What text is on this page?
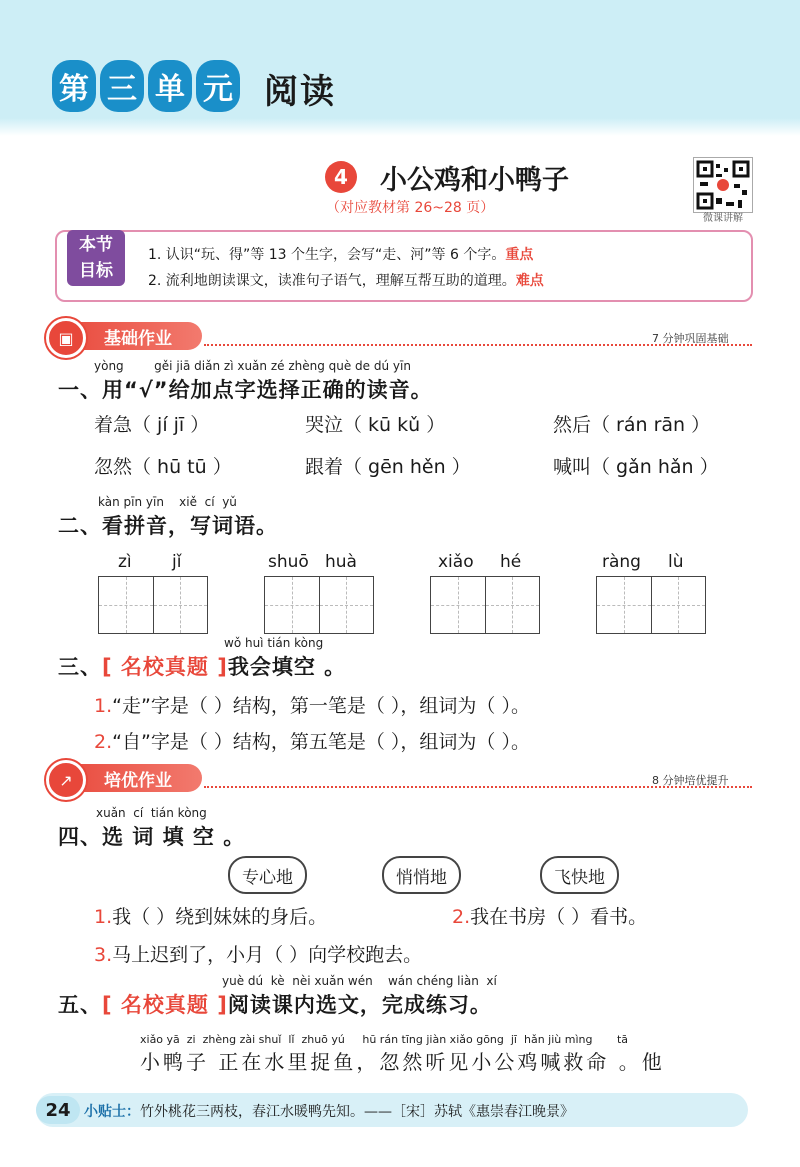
第 三 单 元 阅读
4	小公鸡和小鸭子
（对应教材第 26~28 页）
微课讲解
本节
目标
1. 认识“玩、得”等 13 个生字，会写“走、河”等 6 个字。重点
2. 流利地朗读课文，读准句子语气，理解互帮互助的道理。难点
基础作业
▣	7 分钟巩固基础
yòng        gěi jiā diǎn zì xuǎn zé zhèng què de dú yīn
一、用“√”给加点字选择正确的读音。
着急（ jí jī ）	哭泣（ kū kǔ ）	然后（ rán rān ）
忽然（ hū tū ）	跟着（ gēn hěn ）	喊叫（ gǎn hǎn ）
kàn pīn yīn    xiě  cí  yǔ
二、看拼音，写词语。
zì jǐ	shuō huà	xiǎo hé	ràng lù
wǒ huì tián kòng
三、[ 名校真题 ]我会填空 。
1.“走”字是（ ）结构，第一笔是（ ），组词为（ ）。
2.“自”字是（ ）结构，第五笔是（ ），组词为（ ）。
培优作业
↗	8 分钟培优提升
xuǎn  cí  tián kòng
四、选 词 填 空 。
专心地	悄悄地	飞快地
1.我（ ）绕到妹妹的身后。	2.我在书房（ ）看书。
3.马上迟到了，小月（ ）向学校跑去。
yuè dú  kè  nèi xuǎn wén    wán chéng liàn  xí
五、[ 名校真题 ]阅读课内选文，完成练习。
xiǎo yā  zi  zhèng zài shuǐ  lǐ  zhuō yú     hū rán tīng jiàn xiǎo gōng  jī  hǎn jiù mìng       tā
小鸭子 正在水里捉鱼，忽然听见小公鸡喊救命 。他
24 小贴士：竹外桃花三两枝，春江水暖鸭先知。——［宋］苏轼《惠崇春江晚景》
